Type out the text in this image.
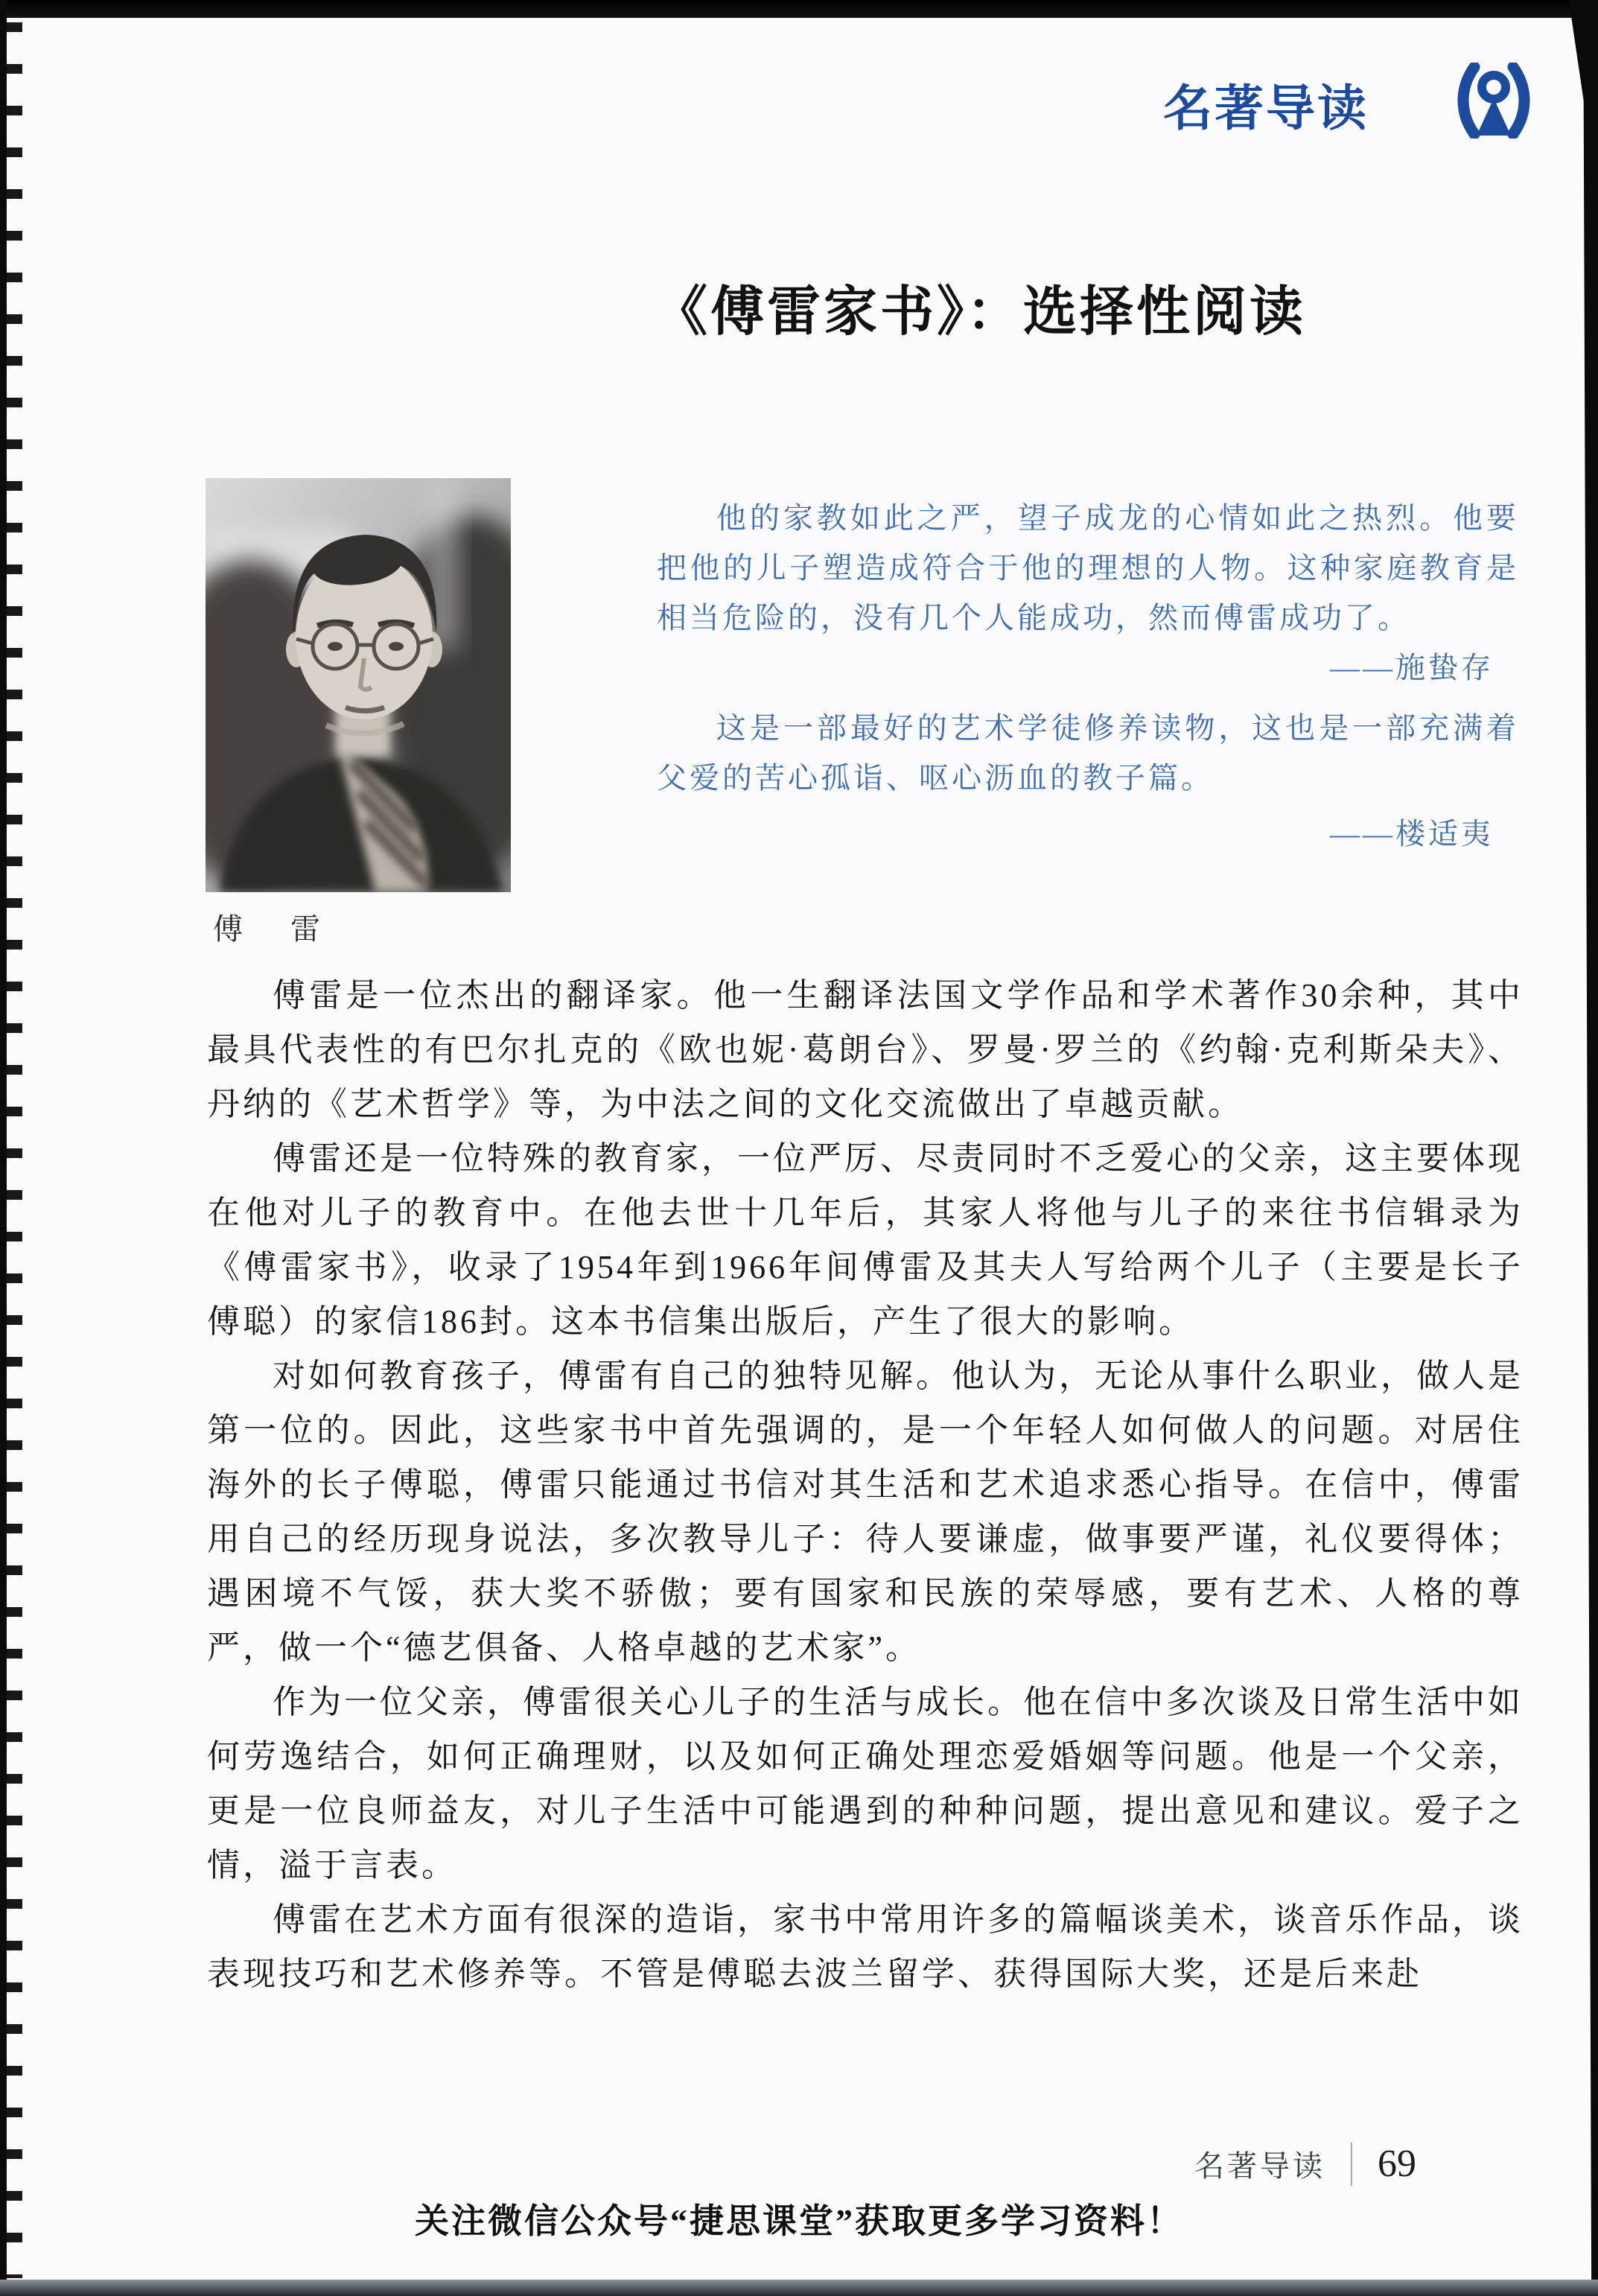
名著导读
《傅雷家书》：选择性阅读
傅　雷

他的家教如此之严，望子成龙的心情如此之热烈。他要把他的儿子塑造成符合于他的理想的人物。这种家庭教育是相当危险的，没有几个人能成功，然而傅雷成功了。

——施蛰存

这是一部最好的艺术学徒修养读物，这也是一部充满着父爱的苦心孤诣、呕心沥血的教子篇。

——楼适夷

傅雷是一位杰出的翻译家。他一生翻译法国文学作品和学术著作30余种，其中最具代表性的有巴尔扎克的《欧也妮·葛朗台》、罗曼·罗兰的《约翰·克利斯朵夫》、丹纳的《艺术哲学》等，为中法之间的文化交流做出了卓越贡献。

傅雷还是一位特殊的教育家，一位严厉、尽责同时不乏爱心的父亲，这主要体现在他对儿子的教育中。在他去世十几年后，其家人将他与儿子的来往书信辑录为《傅雷家书》，收录了1954年到1966年间傅雷及其夫人写给两个儿子（主要是长子傅聪）的家信186封。这本书信集出版后，产生了很大的影响。

对如何教育孩子，傅雷有自己的独特见解。他认为，无论从事什么职业，做人是第一位的。因此，这些家书中首先强调的，是一个年轻人如何做人的问题。对居住海外的长子傅聪，傅雷只能通过书信对其生活和艺术追求悉心指导。在信中，傅雷用自己的经历现身说法，多次教导儿子：待人要谦虚，做事要严谨，礼仪要得体；遇困境不气馁，获大奖不骄傲；要有国家和民族的荣辱感，要有艺术、人格的尊严，做一个“德艺俱备、人格卓越的艺术家”。

作为一位父亲，傅雷很关心儿子的生活与成长。他在信中多次谈及日常生活中如何劳逸结合，如何正确理财，以及如何正确处理恋爱婚姻等问题。他是一个父亲，更是一位良师益友，对儿子生活中可能遇到的种种问题，提出意见和建议。爱子之情，溢于言表。

傅雷在艺术方面有很深的造诣，家书中常用许多的篇幅谈美术，谈音乐作品，谈表现技巧和艺术修养等。不管是傅聪去波兰留学、获得国际大奖，还是后来赴

名著导读 69
关注微信公众号“捷思课堂”获取更多学习资料！
